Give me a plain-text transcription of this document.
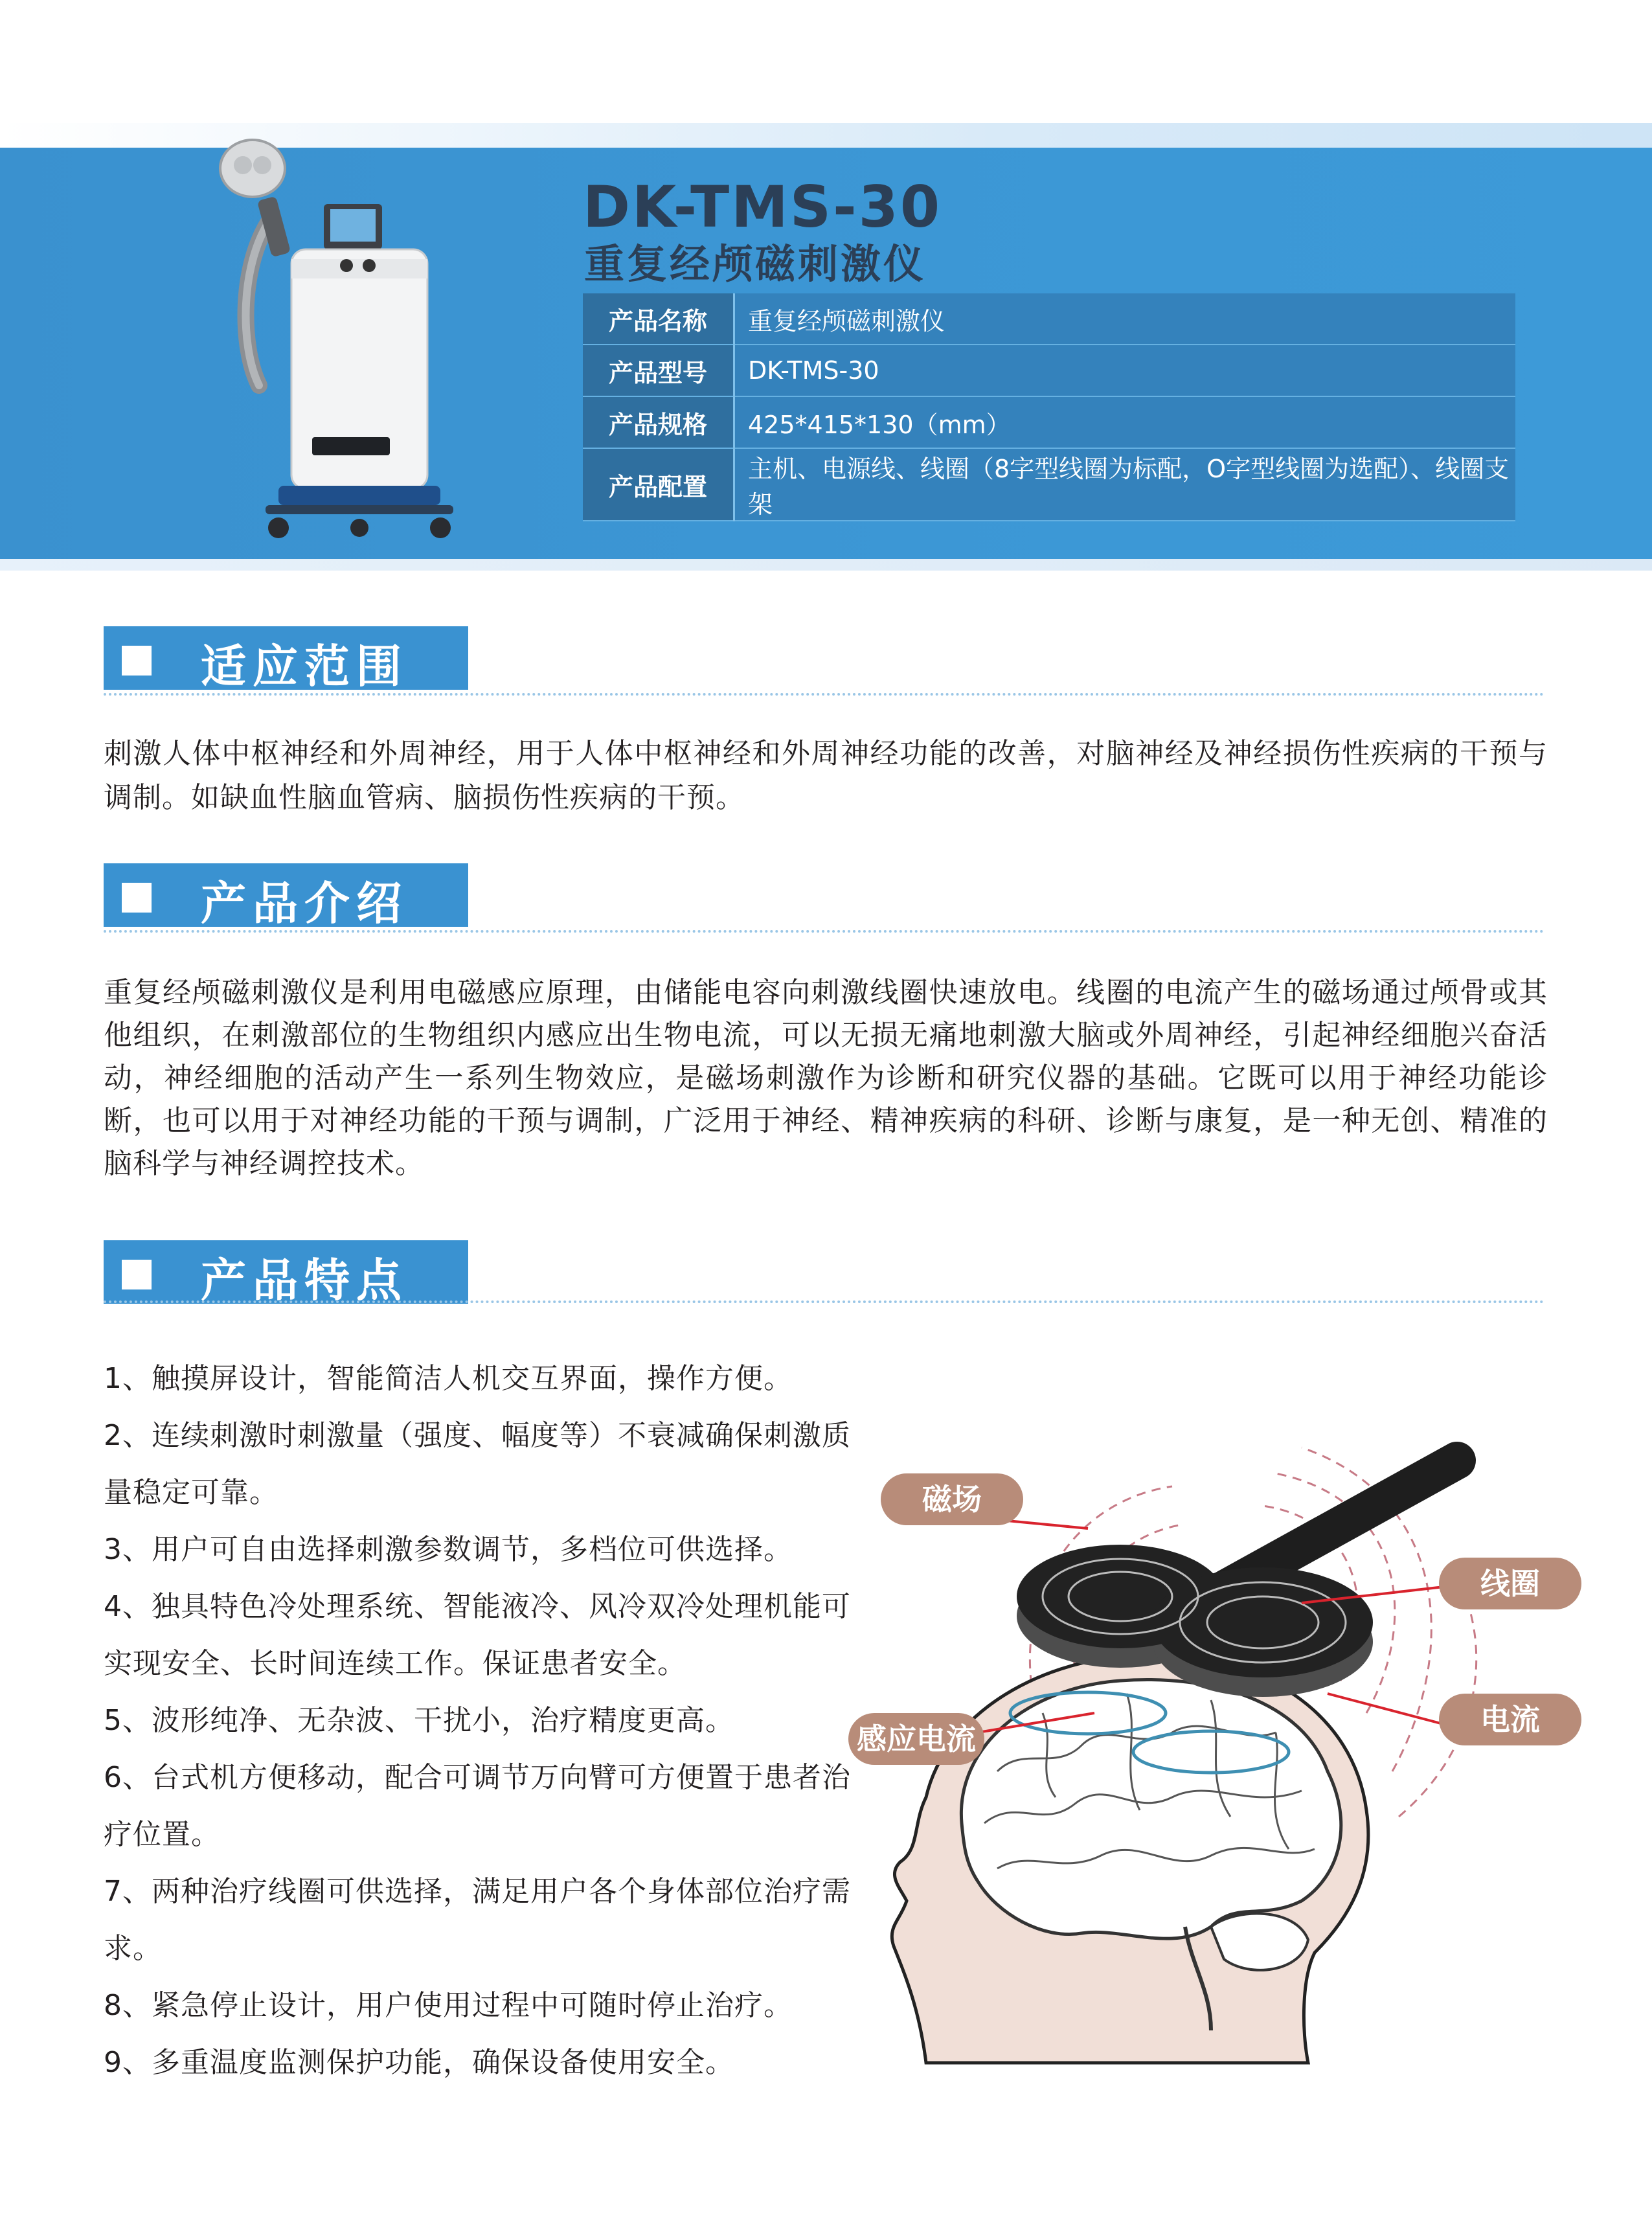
DK-TMS-30
重复经颅磁刺激仪
产品名称	重复经颅磁刺激仪
产品型号	DK-TMS-30
产品规格	425*415*130（mm）
产品配置	主机、电源线、线圈（8字型线圈为标配，O字型线圈为选配）、线圈支架
适应范围
刺激人体中枢神经和外周神经，用于人体中枢神经和外周神经功能的改善，对脑神经及神经损伤性疾病的干预与调制。如缺血性脑血管病、脑损伤性疾病的干预。
产品介绍
重复经颅磁刺激仪是利用电磁感应原理，由储能电容向刺激线圈快速放电。线圈的电流产生的磁场通过颅骨或其他组织，在刺激部位的生物组织内感应出生物电流，可以无损无痛地刺激大脑或外周神经，引起神经细胞兴奋活动，神经细胞的活动产生一系列生物效应，是磁场刺激作为诊断和研究仪器的基础。它既可以用于神经功能诊断，也可以用于对神经功能的干预与调制，广泛用于神经、精神疾病的科研、诊断与康复，是一种无创、精准的脑科学与神经调控技术。
产品特点
1、触摸屏设计，智能简洁人机交互界面，操作方便。
2、连续刺激时刺激量（强度、幅度等）不衰减确保刺激质量稳定可靠。
3、用户可自由选择刺激参数调节，多档位可供选择。
4、独具特色冷处理系统、智能液冷、风冷双冷处理机能可实现安全、长时间连续工作。保证患者安全。
5、波形纯净、无杂波、干扰小，治疗精度更高。
6、台式机方便移动，配合可调节万向臂可方便置于患者治疗位置。
7、两种治疗线圈可供选择，满足用户各个身体部位治疗需求。
8、紧急停止设计，用户使用过程中可随时停止治疗。
9、多重温度监测保护功能，确保设备使用安全。
磁场
线圈
感应电流
电流
